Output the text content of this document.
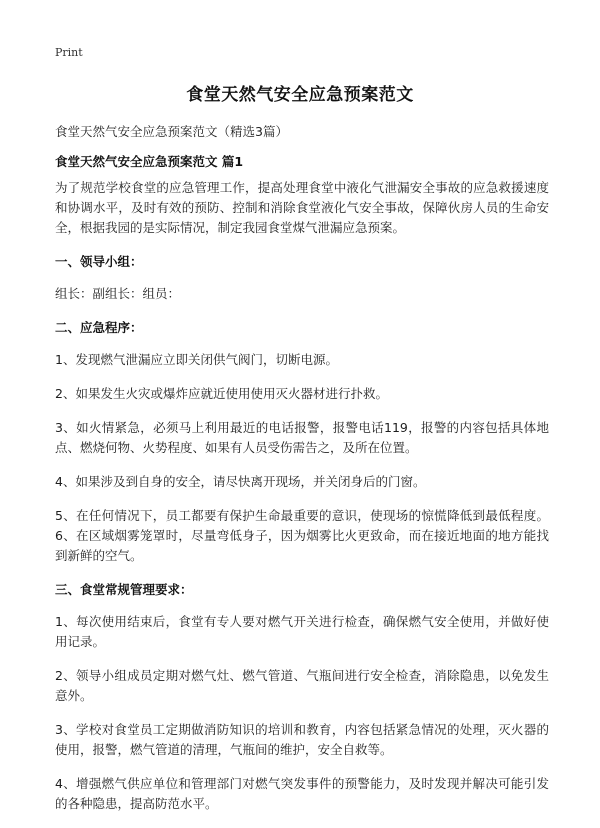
Print
食堂天然气安全应急预案范文
食堂天然气安全应急预案范文（精选3篇）
食堂天然气安全应急预案范文 篇1

为了规范学校食堂的应急管理工作，提高处理食堂中液化气泄漏安全事故的应急救援速度和协调水平，及时有效的预防、控制和消除食堂液化气安全事故，保障伙房人员的生命安全，根据我园的是实际情况，制定我园食堂煤气泄漏应急预案。

一、领导小组：

组长：副组长：组员：

二、应急程序：

1、发现燃气泄漏应立即关闭供气阀门，切断电源。

2、如果发生火灾或爆炸应就近使用使用灭火器材进行扑救。

3、如火情紧急，必须马上利用最近的电话报警，报警电话119，报警的内容包括具体地点、燃烧何物、火势程度、如果有人员受伤需告之，及所在位置。

4、如果涉及到自身的安全，请尽快离开现场，并关闭身后的门窗。

5、在任何情况下，员工都要有保护生命最重要的意识，使现场的惊慌降低到最低程度。6、在区域烟雾笼罩时，尽量弯低身子，因为烟雾比火更致命，而在接近地面的地方能找到新鲜的空气。

三、食堂常规管理要求：

1、每次使用结束后，食堂有专人要对燃气开关进行检查，确保燃气安全使用，并做好使用记录。

2、领导小组成员定期对燃气灶、燃气管道、气瓶间进行安全检查，消除隐患，以免发生意外。

3、学校对食堂员工定期做消防知识的培训和教育，内容包括紧急情况的处理，灭火器的使用，报警，燃气管道的清理，气瓶间的维护，安全自救等。

4、增强燃气供应单位和管理部门对燃气突发事件的预警能力，及时发现并解决可能引发的各种隐患，提高防范水平。
